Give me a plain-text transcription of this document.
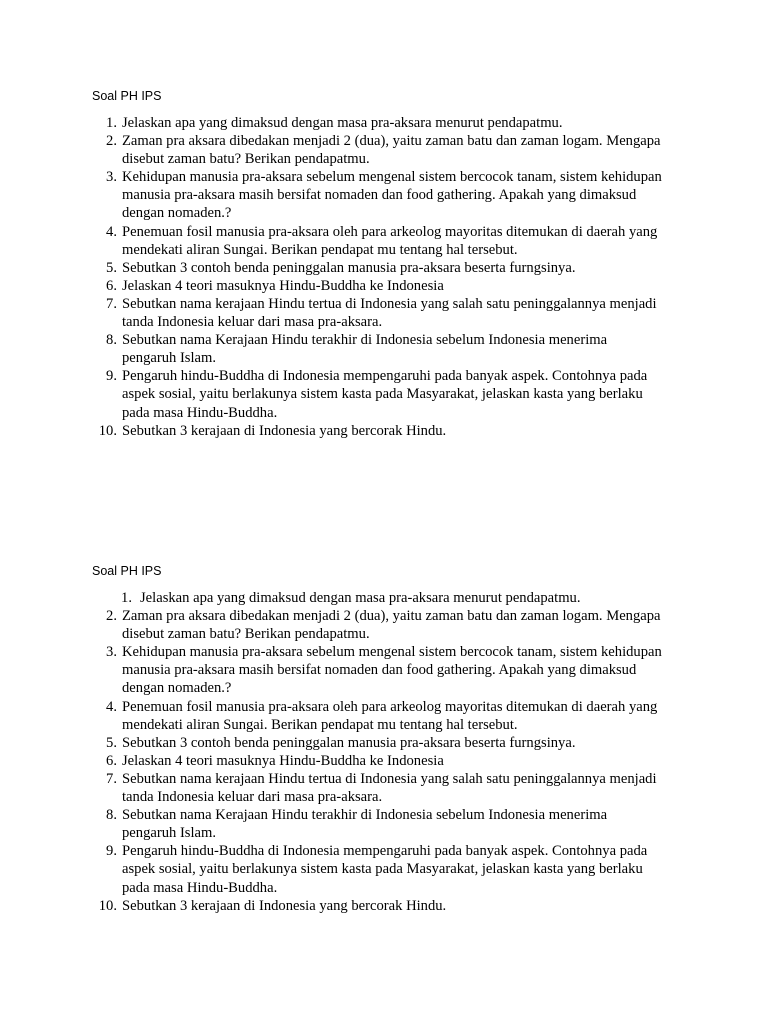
Soal PH IPS

1. Jelaskan apa yang dimaksud dengan masa pra-aksara menurut pendapatmu.
2. Zaman pra aksara dibedakan menjadi 2 (dua), yaitu zaman batu dan zaman logam. Mengapa disebut zaman batu? Berikan pendapatmu.
3. Kehidupan manusia pra-aksara sebelum mengenal sistem bercocok tanam, sistem kehidupan manusia pra-aksara masih bersifat nomaden dan food gathering. Apakah yang dimaksud dengan nomaden.?
4. Penemuan fosil manusia pra-aksara oleh para arkeolog mayoritas ditemukan di daerah yang mendekati aliran Sungai. Berikan pendapat mu tentang hal tersebut.
5. Sebutkan 3 contoh benda peninggalan manusia pra-aksara beserta furngsinya.
6. Jelaskan 4 teori masuknya Hindu-Buddha ke Indonesia
7. Sebutkan nama kerajaan Hindu tertua di Indonesia yang salah satu peninggalannya menjadi tanda Indonesia keluar dari masa pra-aksara.
8. Sebutkan nama Kerajaan Hindu terakhir di Indonesia sebelum Indonesia menerima pengaruh Islam.
9. Pengaruh hindu-Buddha di Indonesia mempengaruhi pada banyak aspek. Contohnya pada aspek sosial, yaitu berlakunya sistem kasta pada Masyarakat, jelaskan kasta yang berlaku pada masa Hindu-Buddha.
10. Sebutkan 3 kerajaan di Indonesia yang bercorak Hindu.

Soal PH IPS

1. Jelaskan apa yang dimaksud dengan masa pra-aksara menurut pendapatmu.
2. Zaman pra aksara dibedakan menjadi 2 (dua), yaitu zaman batu dan zaman logam. Mengapa disebut zaman batu? Berikan pendapatmu.
3. Kehidupan manusia pra-aksara sebelum mengenal sistem bercocok tanam, sistem kehidupan manusia pra-aksara masih bersifat nomaden dan food gathering. Apakah yang dimaksud dengan nomaden.?
4. Penemuan fosil manusia pra-aksara oleh para arkeolog mayoritas ditemukan di daerah yang mendekati aliran Sungai. Berikan pendapat mu tentang hal tersebut.
5. Sebutkan 3 contoh benda peninggalan manusia pra-aksara beserta furngsinya.
6. Jelaskan 4 teori masuknya Hindu-Buddha ke Indonesia
7. Sebutkan nama kerajaan Hindu tertua di Indonesia yang salah satu peninggalannya menjadi tanda Indonesia keluar dari masa pra-aksara.
8. Sebutkan nama Kerajaan Hindu terakhir di Indonesia sebelum Indonesia menerima pengaruh Islam.
9. Pengaruh hindu-Buddha di Indonesia mempengaruhi pada banyak aspek. Contohnya pada aspek sosial, yaitu berlakunya sistem kasta pada Masyarakat, jelaskan kasta yang berlaku pada masa Hindu-Buddha.
10. Sebutkan 3 kerajaan di Indonesia yang bercorak Hindu.
